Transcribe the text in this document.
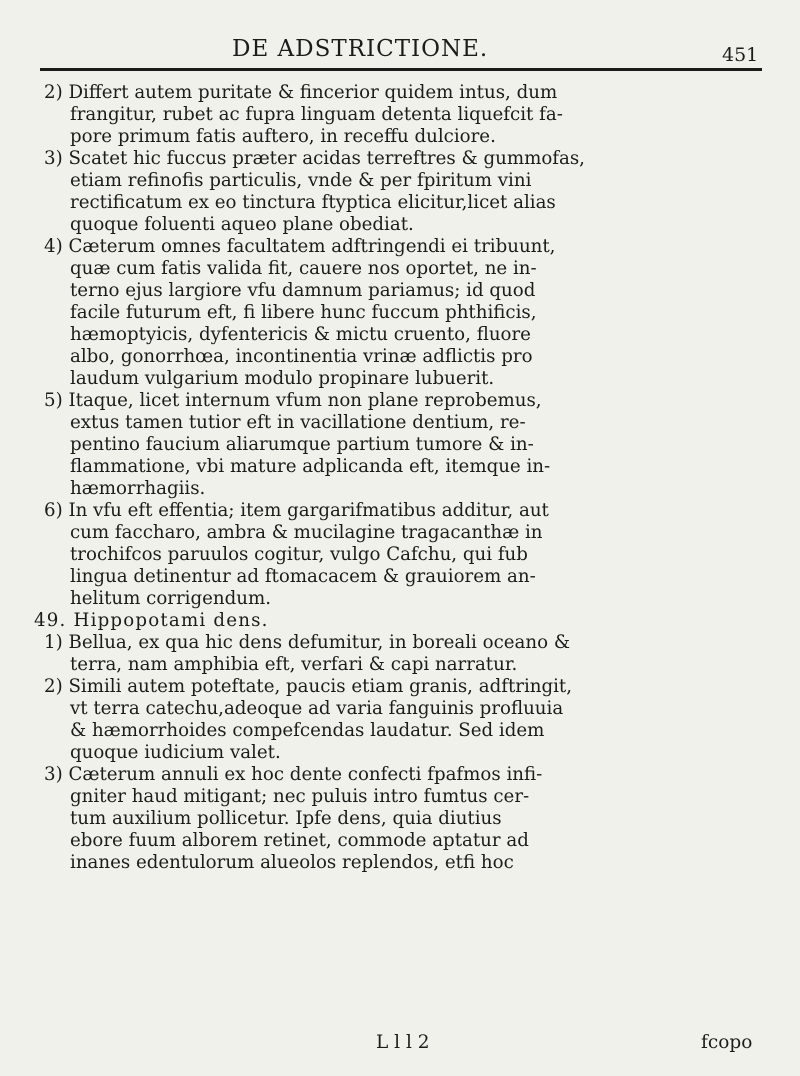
DE ADSTRICTIONE.	451
2) Differt autem puritate & fincerior quidem intus, dum
frangitur, rubet ac fupra linguam detenta liquefcit fa-
pore primum fatis auftero, in receffu dulciore.
3) Scatet hic fuccus præter acidas terreftres & gummofas,
etiam refinofis particulis, vnde & per fpiritum vini
rectificatum ex eo tinctura ftyptica elicitur,licet alias
quoque foluenti aqueo plane obediat.
4) Cæterum omnes facultatem adftringendi ei tribuunt,
quæ cum fatis valida fit, cauere nos oportet, ne in-
terno ejus largiore vfu damnum pariamus; id quod
facile futurum eft, fi libere hunc fuccum phthificis,
hæmoptyicis, dyfentericis & mictu cruento, fluore
albo, gonorrhœa, incontinentia vrinæ adflictis pro
laudum vulgarium modulo propinare lubuerit.
5) Itaque, licet internum vfum non plane reprobemus,
extus tamen tutior eft in vacillatione dentium, re-
pentino faucium aliarumque partium tumore & in-
flammatione, vbi mature adplicanda eft, itemque in-
hæmorrhagiis.
6) In vfu eft effentia; item gargarifmatibus additur, aut
cum faccharo, ambra & mucilagine tragacanthæ in
trochifcos paruulos cogitur, vulgo Cafchu, qui fub
lingua detinentur ad ftomacacem & grauiorem an-
helitum corrigendum.
49. Hippopotami dens.
1) Bellua, ex qua hic dens defumitur, in boreali oceano &
terra, nam amphibia eft, verfari & capi narratur.
2) Simili autem poteftate, paucis etiam granis, adftringit,
vt terra catechu,adeoque ad varia fanguinis profluuia
& hæmorrhoides compefcendas laudatur. Sed idem
quoque iudicium valet.
3) Cæterum annuli ex hoc dente confecti fpafmos infi-
gniter haud mitigant; nec puluis intro fumtus cer-
tum auxilium pollicetur. Ipfe dens, quia diutius
ebore fuum alborem retinet, commode aptatur ad
inanes edentulorum alueolos replendos, etfi hoc
L l l 2	fcopo
